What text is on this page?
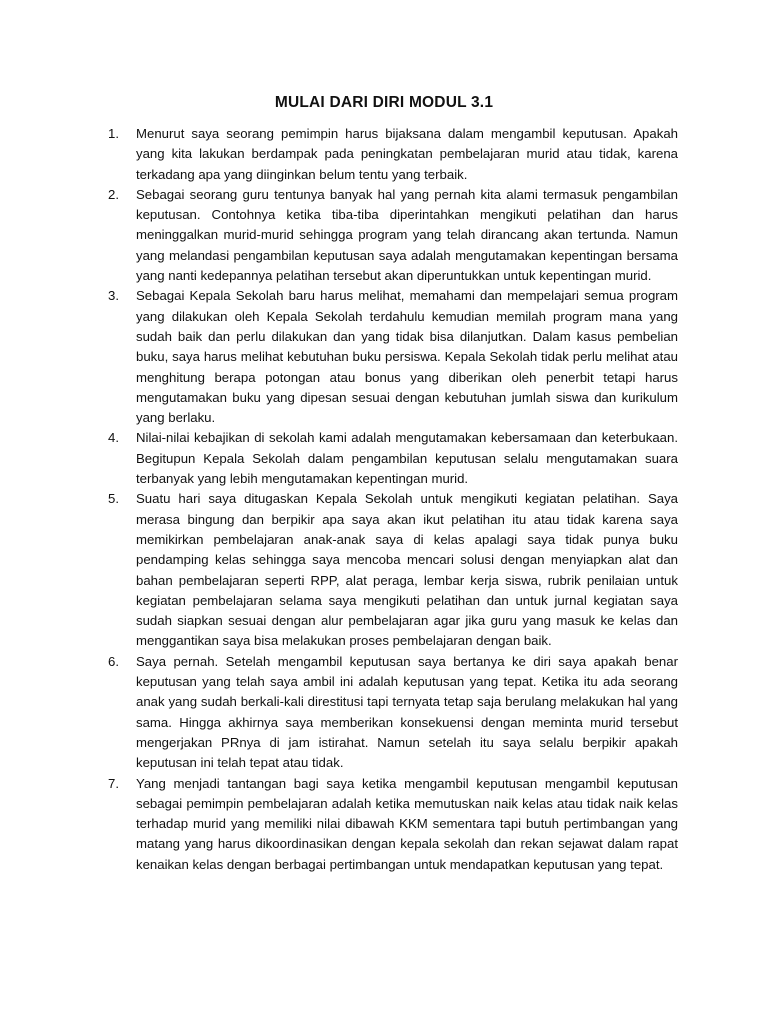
MULAI DARI DIRI MODUL 3.1
1.	Menurut saya seorang pemimpin harus bijaksana dalam mengambil keputusan. Apakah yang kita lakukan berdampak pada peningkatan pembelajaran murid atau tidak, karena terkadang apa yang diinginkan belum tentu yang terbaik.
2.	Sebagai seorang guru tentunya banyak hal yang pernah kita alami termasuk pengambilan keputusan. Contohnya ketika tiba-tiba diperintahkan mengikuti pelatihan dan harus meninggalkan murid-murid sehingga program yang telah dirancang akan tertunda. Namun yang melandasi pengambilan keputusan saya adalah mengutamakan kepentingan bersama yang nanti kedepannya pelatihan tersebut akan diperuntukkan untuk kepentingan murid.
3.	Sebagai Kepala Sekolah baru harus melihat, memahami dan mempelajari semua program yang dilakukan oleh Kepala Sekolah terdahulu kemudian memilah program mana yang sudah baik dan perlu dilakukan dan yang tidak bisa dilanjutkan. Dalam kasus pembelian buku, saya harus melihat kebutuhan buku persiswa. Kepala Sekolah tidak perlu melihat atau menghitung berapa potongan atau bonus yang diberikan oleh penerbit tetapi harus mengutamakan buku yang dipesan sesuai dengan kebutuhan jumlah siswa dan kurikulum yang berlaku.
4.	Nilai-nilai kebajikan di sekolah kami adalah mengutamakan kebersamaan dan keterbukaan. Begitupun Kepala Sekolah dalam pengambilan keputusan selalu mengutamakan suara terbanyak yang lebih mengutamakan kepentingan murid.
5.	Suatu hari saya ditugaskan Kepala Sekolah untuk mengikuti kegiatan pelatihan. Saya merasa bingung dan berpikir apa saya akan ikut pelatihan itu atau tidak karena saya memikirkan pembelajaran anak-anak saya di kelas apalagi saya tidak punya buku pendamping kelas sehingga saya mencoba mencari solusi dengan menyiapkan alat dan bahan pembelajaran seperti RPP, alat peraga, lembar kerja siswa, rubrik penilaian untuk kegiatan pembelajaran selama saya mengikuti pelatihan dan untuk jurnal kegiatan saya sudah siapkan sesuai dengan alur pembelajaran agar jika guru yang masuk ke kelas dan menggantikan saya bisa melakukan proses pembelajaran dengan baik.
6.	Saya pernah. Setelah mengambil keputusan saya bertanya ke diri saya apakah benar keputusan yang telah saya ambil ini adalah keputusan yang tepat. Ketika itu ada seorang anak yang sudah berkali-kali direstitusi tapi ternyata tetap saja berulang melakukan hal yang sama. Hingga akhirnya saya memberikan konsekuensi dengan meminta murid tersebut mengerjakan PRnya di jam istirahat. Namun setelah itu saya selalu berpikir apakah keputusan ini telah tepat atau tidak.
7.	Yang menjadi tantangan bagi saya ketika mengambil keputusan mengambil keputusan sebagai pemimpin pembelajaran adalah ketika memutuskan naik kelas atau tidak naik kelas terhadap murid yang memiliki nilai dibawah KKM sementara tapi butuh pertimbangan yang matang yang harus dikoordinasikan dengan kepala sekolah dan rekan sejawat dalam rapat kenaikan kelas dengan berbagai pertimbangan untuk mendapatkan keputusan yang tepat.
